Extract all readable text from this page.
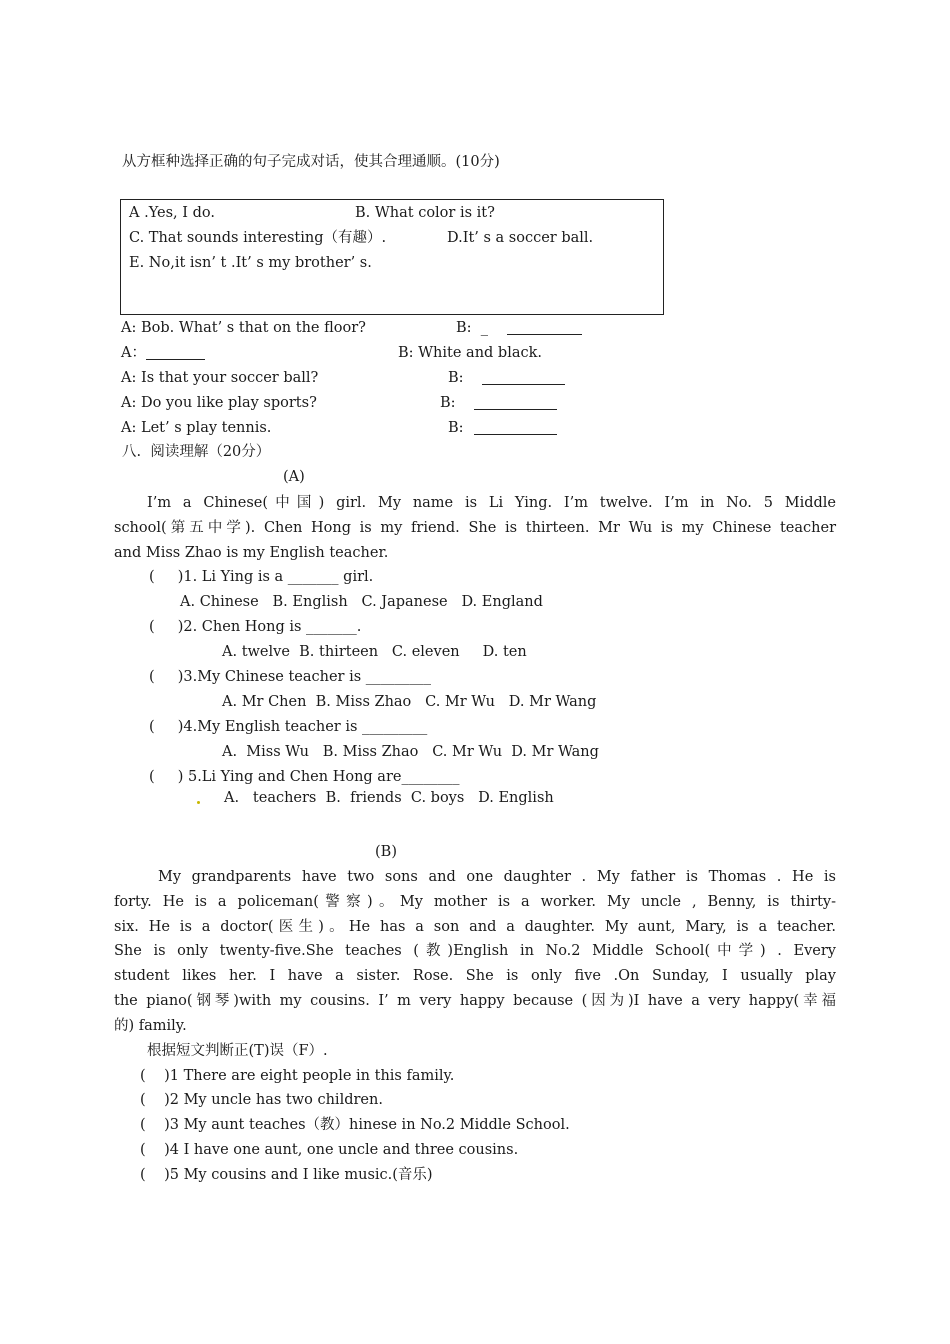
从方框种选择正确的句子完成对话，使其合理通顺。(10分)
A .Yes, I do.	B. What color is it?
C. That sounds interesting（有趣）.	D.It’ s a soccer ball.
E. No,it isn’ t .It’ s my brother’ s.
A: Bob. What’ s that on the floor?	B:  _
A：	B: White and black.
A: Is that your soccer ball?	B:
A: Do you like play sports?	B:
A: Let’ s play tennis.	B:
八.  阅读理解（20分）
(A)
I’m a Chinese(中国) girl. My name is Li Ying. I’m twelve. I’m in No. 5 Middle
school(第五中学). Chen Hong is my friend. She is thirteen. Mr Wu is my Chinese teacher
and Miss Zhao is my English teacher.
(     )1. Li Ying is a _______ girl.
A. Chinese   B. English   C. Japanese   D. England
(     )2. Chen Hong is _______.
A. twelve  B. thirteen   C. eleven     D. ten
(     )3.My Chinese teacher is _________
A. Mr Chen  B. Miss Zhao   C. Mr Wu   D. Mr Wang
(     )4.My English teacher is _________
A.  Miss Wu   B. Miss Zhao   C. Mr Wu  D. Mr Wang
(     ) 5.Li Ying and Chen Hong are________
A.   teachers  B.  friends  C. boys   D. English
(B)
My grandparents have two sons and one daughter . My father is Thomas . He is
forty. He is a policeman(警察)。My mother is a worker. My uncle , Benny, is thirty-
six. He is a doctor(医生)。He has a son and a daughter. My aunt, Mary, is a teacher.
She is only twenty-five.She teaches (教)English in No.2 Middle School(中学) . Every
student likes her. I have a sister. Rose. She is only five .On Sunday, I usually play
the piano(钢琴)with my cousins. I’ m very happy because (因为)I have a very happy(幸福
的) family.
根据短文判断正(T)误（F）.
(    )1 There are eight people in this family.
(    )2 My uncle has two children.
(    )3 My aunt teaches（教）hinese in No.2 Middle School.
(    )4 I have one aunt, one uncle and three cousins.
(    )5 My cousins and I like music.(音乐)
